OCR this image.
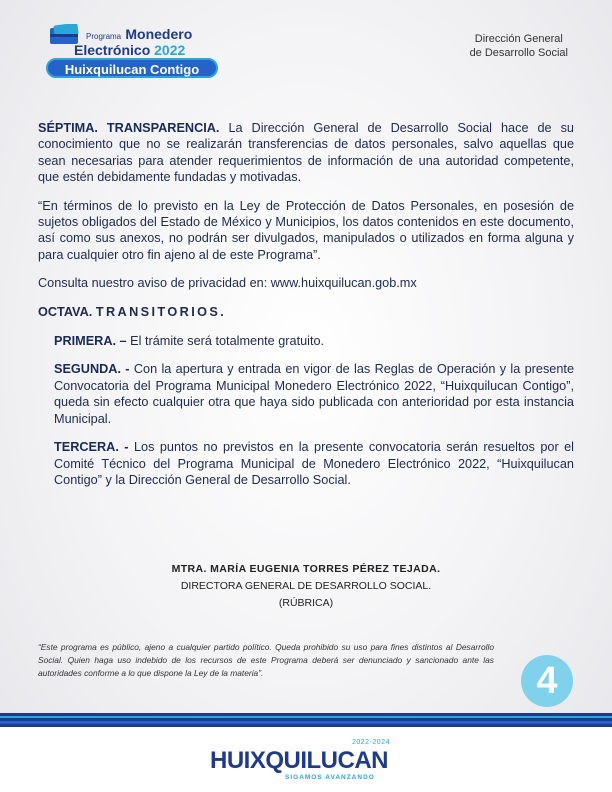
Programa Monedero
Electrónico 2022
Huixquilucan Contigo
Dirección General
de Desarrollo Social

SÉPTIMA. TRANSPARENCIA. La Dirección General de Desarrollo Social hace de su conocimiento que no se realizarán transferencias de datos personales, salvo aquellas que sean necesarias para atender requerimientos de información de una autoridad competente, que estén debidamente fundadas y motivadas.

“En términos de lo previsto en la Ley de Protección de Datos Personales, en posesión de sujetos obligados del Estado de México y Municipios, los datos contenidos en este documento, así como sus anexos, no podrán ser divulgados, manipulados o utilizados en forma alguna y para cualquier otro fin ajeno al de este Programa”.

Consulta nuestro aviso de privacidad en: www.huixquilucan.gob.mx

OCTAVA. TRANSITORIOS.

PRIMERA. – El trámite será totalmente gratuito.

SEGUNDA. - Con la apertura y entrada en vigor de las Reglas de Operación y la presente Convocatoria del Programa Municipal Monedero Electrónico 2022, “Huixquilucan Contigo”, queda sin efecto cualquier otra que haya sido publicada con anterioridad por esta instancia Municipal.

TERCERA. - Los puntos no previstos en la presente convocatoria serán resueltos por el Comité Técnico del Programa Municipal de Monedero Electrónico 2022, “Huixquilucan Contigo” y la Dirección General de Desarrollo Social.

MTRA. MARÍA EUGENIA TORRES PÉREZ TEJADA.
DIRECTORA GENERAL DE DESARROLLO SOCIAL.
(RÚBRICA)
“Este programa es público, ajeno a cualquier partido político. Queda prohibido su uso para fines distintos al Desarrollo Social. Quien haga uso indebido de los recursos de este Programa deberá ser denunciado y sancionado ante las autoridades conforme a lo que dispone la Ley de la materia”.	4
2022-2024
HUIXQUILUCAN
SIGAMOS AVANZANDO
